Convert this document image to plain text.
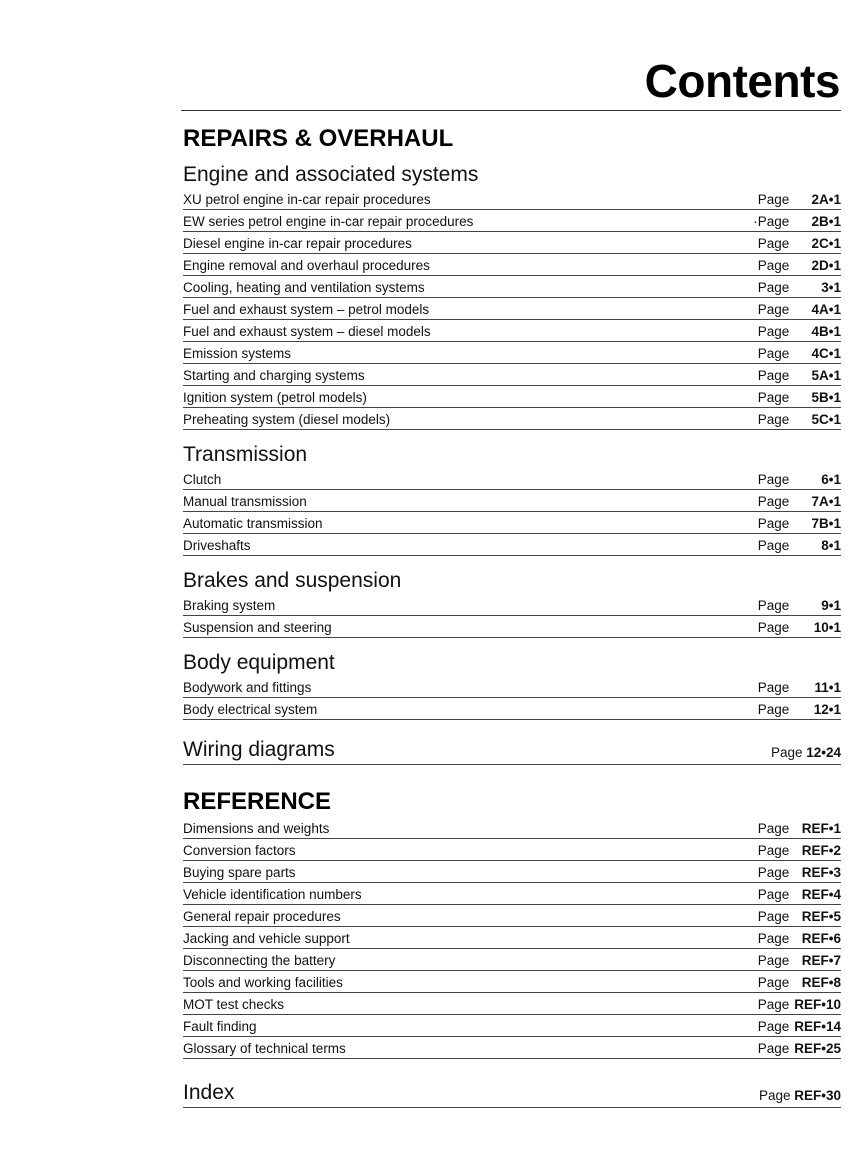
Contents
REPAIRS & OVERHAUL
Engine and associated systems
XU petrol engine in-car repair procedures	Page 2A•1
EW series petrol engine in-car repair procedures	·Page 2B•1
Diesel engine in-car repair procedures	Page 2C•1
Engine removal and overhaul procedures	Page 2D•1
Cooling, heating and ventilation systems	Page 3•1
Fuel and exhaust system – petrol models	Page 4A•1
Fuel and exhaust system – diesel models	Page 4B•1
Emission systems	Page 4C•1
Starting and charging systems	Page 5A•1
Ignition system (petrol models)	Page 5B•1
Preheating system (diesel models)	Page 5C•1
Transmission
Clutch	Page 6•1
Manual transmission	Page 7A•1
Automatic transmission	Page 7B•1
Driveshafts	Page 8•1
Brakes and suspension
Braking system	Page 9•1
Suspension and steering	Page 10•1
Body equipment
Bodywork and fittings	Page 11•1
Body electrical system	Page 12•1
Wiring diagrams	Page 12•24
REFERENCE
Dimensions and weights	Page REF•1
Conversion factors	Page REF•2
Buying spare parts	Page REF•3
Vehicle identification numbers	Page REF•4
General repair procedures	Page REF•5
Jacking and vehicle support	Page REF•6
Disconnecting the battery	Page REF•7
Tools and working facilities	Page REF•8
MOT test checks	Page REF•10
Fault finding	Page REF•14
Glossary of technical terms	Page REF•25
Index	Page REF•30
